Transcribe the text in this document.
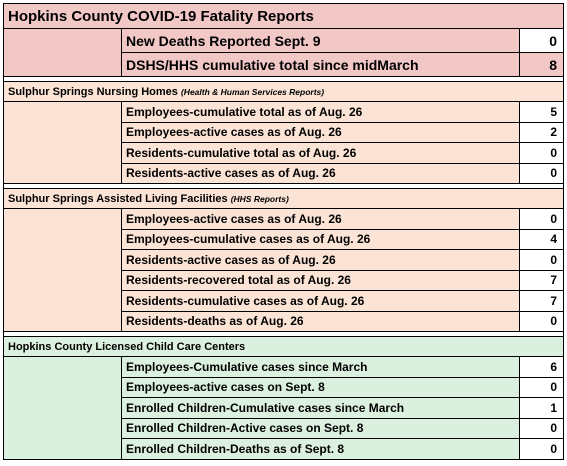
Hopkins County COVID-19 Fatality Reports		
	New Deaths Reported Sept. 9	0
	DSHS/HHS cumulative total since midMarch	8

Sulphur Springs Nursing Homes (Health & Human Services Reports)		
	Employees-cumulative total as of Aug. 26	5
	Employees-active cases as of Aug. 26	2
	Residents-cumulative total as of Aug. 26	0
	Residents-active cases as of Aug. 26	0

Sulphur Springs Assisted Living Facilities (HHS Reports)		
	Employees-active cases as of Aug. 26	0
	Employees-cumulative cases as of Aug. 26	4
	Residents-active cases as of Aug. 26	0
	Residents-recovered total as of Aug. 26	7
	Residents-cumulative cases as of Aug. 26	7
	Residents-deaths as of Aug. 26	0

Hopkins County Licensed Child Care Centers		
	Employees-Cumulative cases since March	6
	Employees-active cases on Sept. 8	0
	Enrolled Children-Cumulative cases since March	1
	Enrolled Children-Active cases on Sept. 8	0
	Enrolled Children-Deaths as of Sept. 8	0
